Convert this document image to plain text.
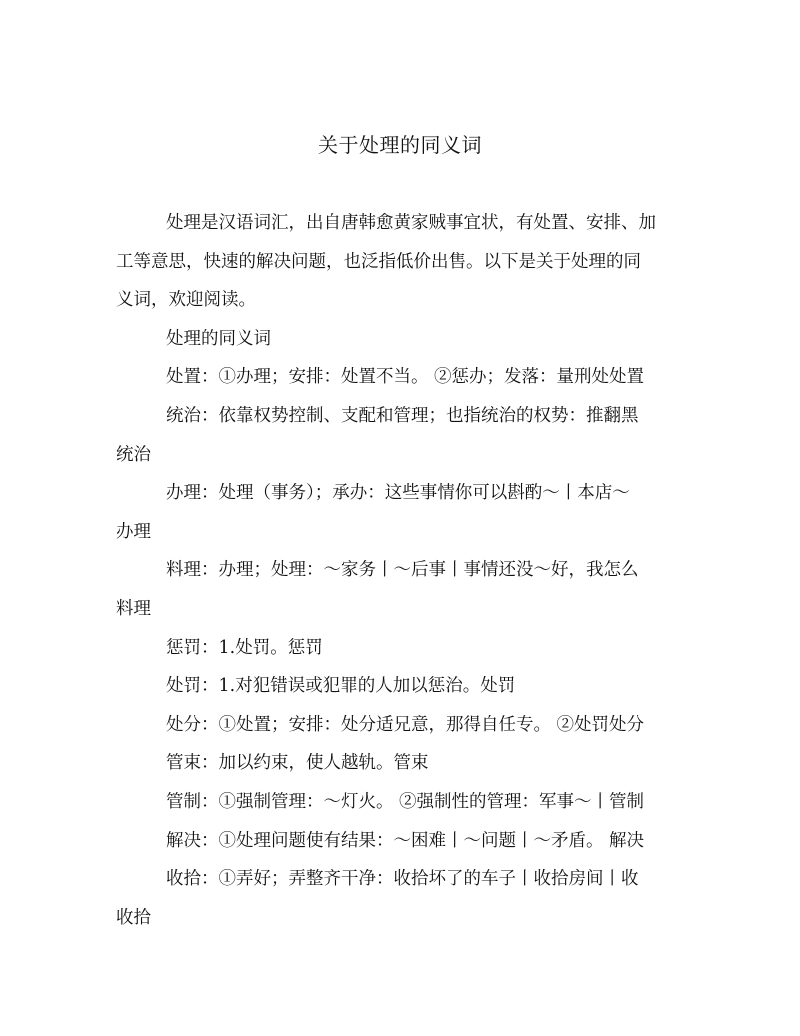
关于处理的同义词

处理是汉语词汇，出自唐韩愈黄家贼事宜状，有处置、安排、加

工等意思，快速的解决问题，也泛指低价出售。以下是关于处理的同

义词，欢迎阅读。

处理的同义词

处置：①办理；安排：处置不当。 ②惩办；发落：量刑处处置

统治：依靠权势控制、支配和管理；也指统治的权势：推翻黑

统治

办理：处理（事务）；承办：这些事情你可以斟酌～丨本店～

办理

料理：办理；处理：～家务丨～后事丨事情还没～好，我怎么

料理

惩罚：1.处罚。惩罚

处罚：1.对犯错误或犯罪的人加以惩治。处罚

处分：①处置；安排：处分适兄意，那得自任专。 ②处罚处分

管束：加以约束，使人越轨。管束

管制：①强制管理：～灯火。 ②强制性的管理：军事～丨管制

解决：①处理问题使有结果：～困难丨～问题丨～矛盾。 解决

收拾：①弄好；弄整齐干净：收拾坏了的车子丨收拾房间丨收

收拾
